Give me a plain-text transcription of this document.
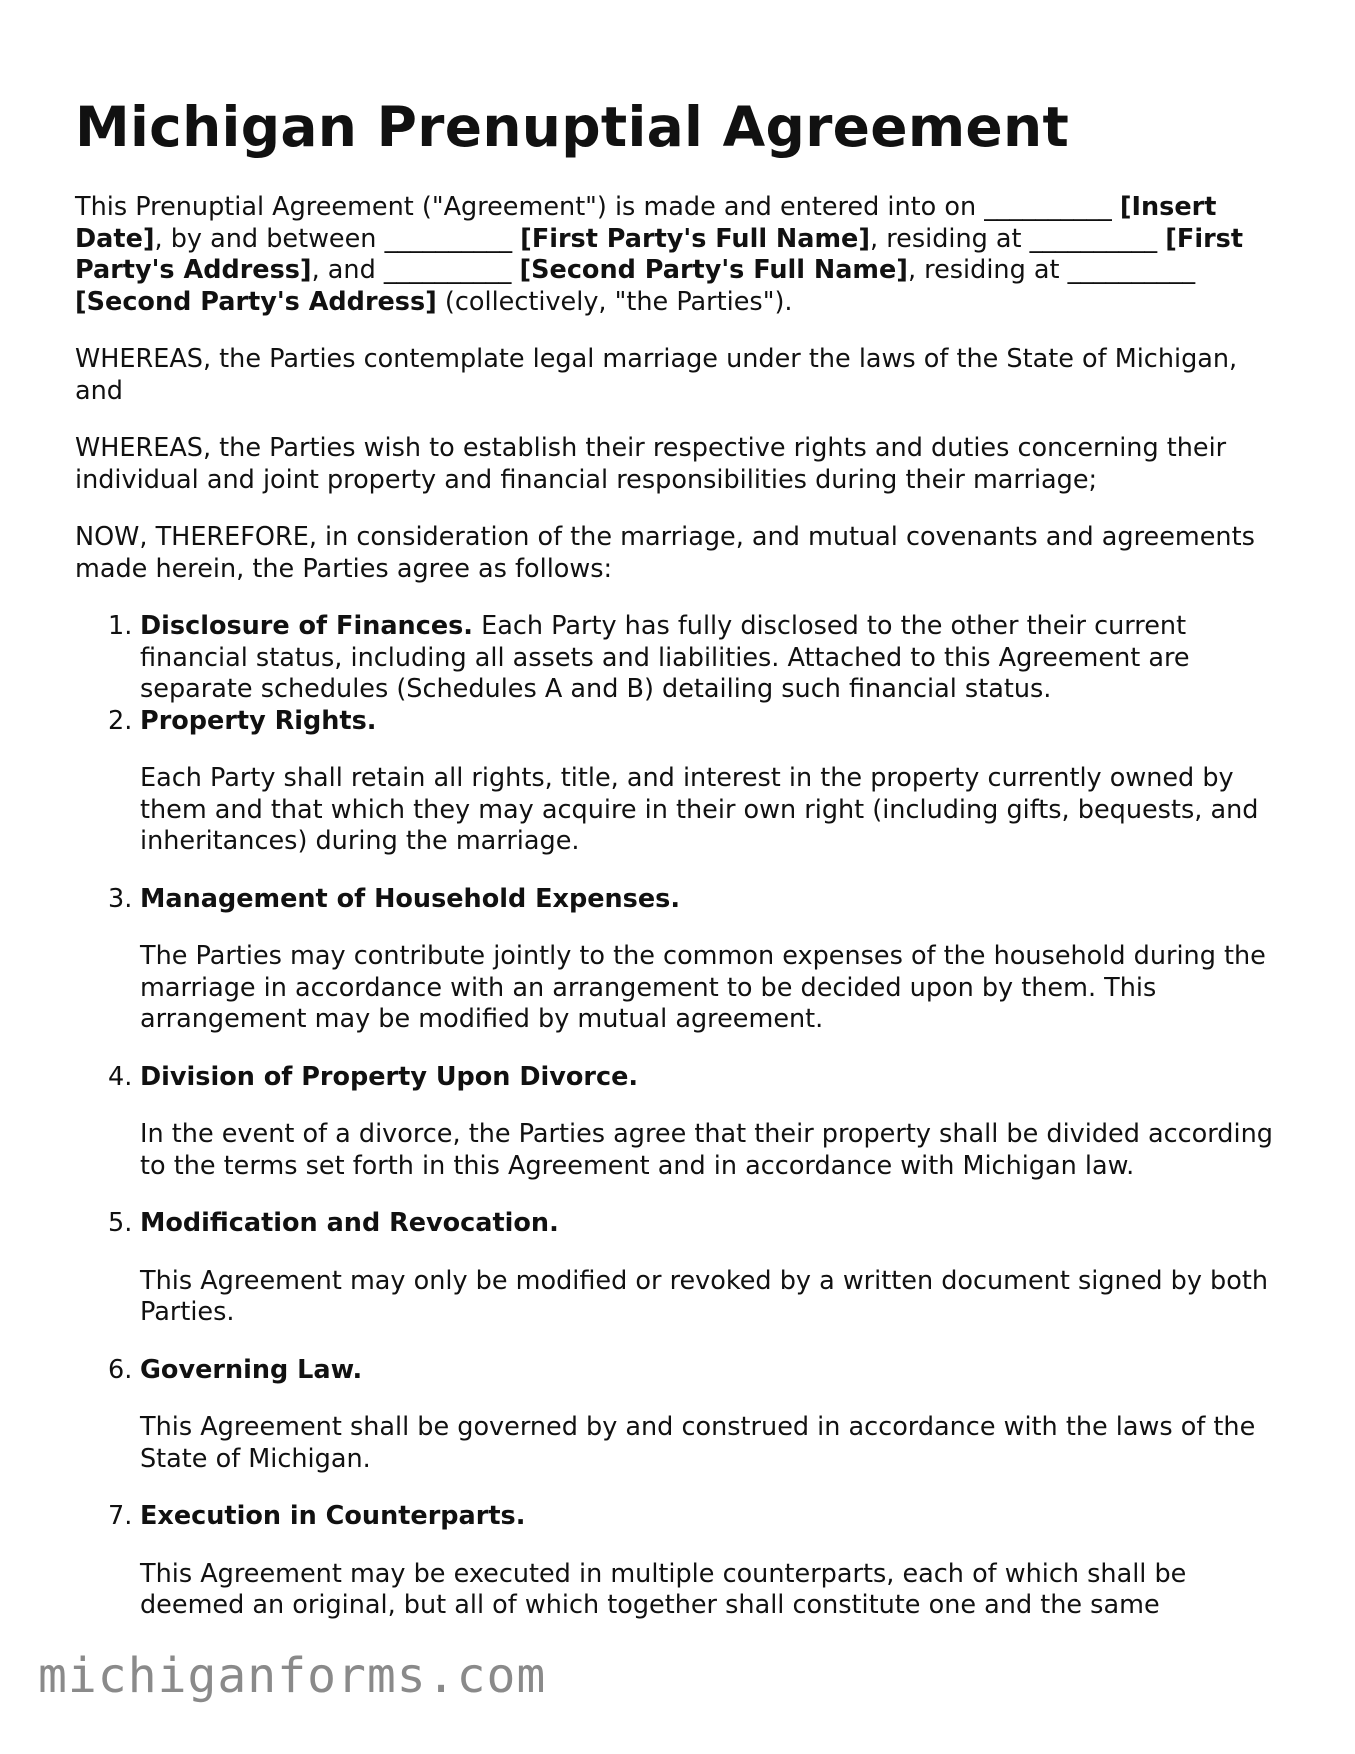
Michigan Prenuptial Agreement

This Prenuptial Agreement ("Agreement") is made and entered into on __________ [Insert Date], by and between __________ [First Party's Full Name], residing at __________ [First Party's Address], and __________ [Second Party's Full Name], residing at __________ [Second Party's Address] (collectively, "the Parties").

WHEREAS, the Parties contemplate legal marriage under the laws of the State of Michigan, and

WHEREAS, the Parties wish to establish their respective rights and duties concerning their individual and joint property and financial responsibilities during their marriage;

NOW, THEREFORE, in consideration of the marriage, and mutual covenants and agreements made herein, the Parties agree as follows:

1. Disclosure of Finances. Each Party has fully disclosed to the other their current financial status, including all assets and liabilities. Attached to this Agreement are separate schedules (Schedules A and B) detailing such financial status.
2. Property Rights.
Each Party shall retain all rights, title, and interest in the property currently owned by them and that which they may acquire in their own right (including gifts, bequests, and inheritances) during the marriage.
3. Management of Household Expenses.
The Parties may contribute jointly to the common expenses of the household during the marriage in accordance with an arrangement to be decided upon by them. This arrangement may be modified by mutual agreement.
4. Division of Property Upon Divorce.
In the event of a divorce, the Parties agree that their property shall be divided according to the terms set forth in this Agreement and in accordance with Michigan law.
5. Modification and Revocation.
This Agreement may only be modified or revoked by a written document signed by both Parties.
6. Governing Law.
This Agreement shall be governed by and construed in accordance with the laws of the State of Michigan.
7. Execution in Counterparts.
This Agreement may be executed in multiple counterparts, each of which shall be deemed an original, but all of which together shall constitute one and the same
michiganforms.com
